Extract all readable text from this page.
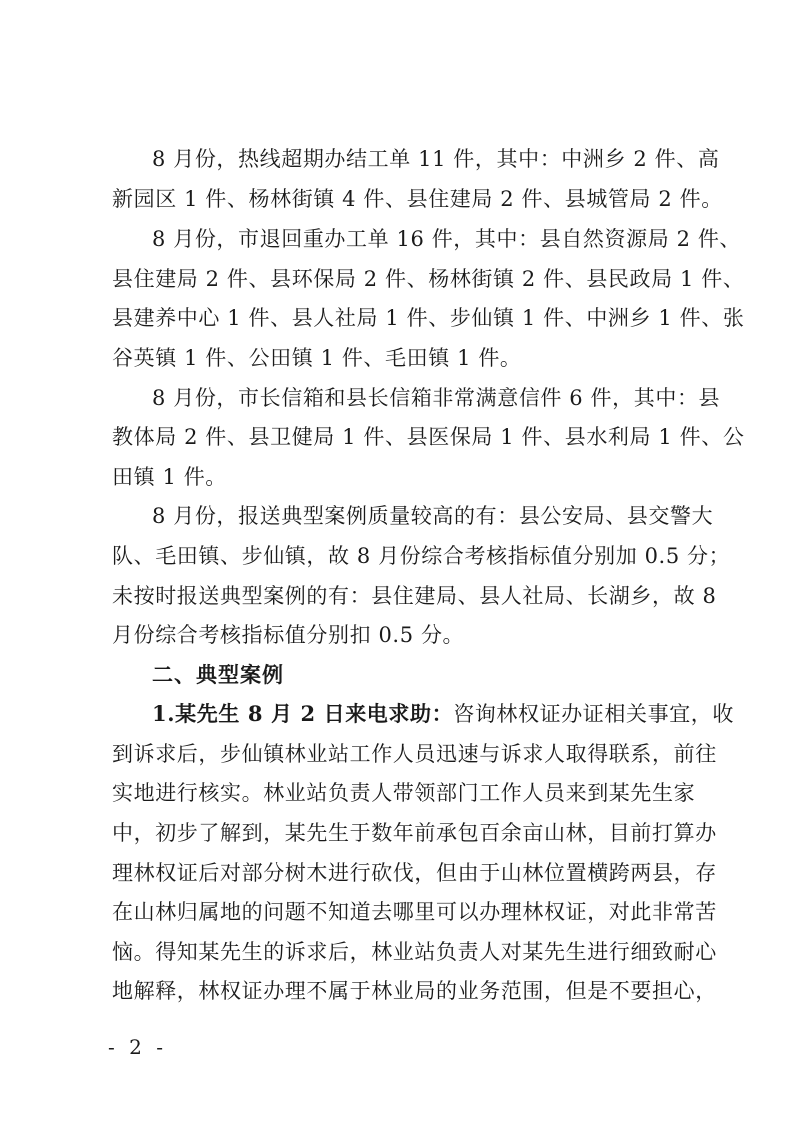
8 月份，热线超期办结工单 11 件，其中：中洲乡 2 件、高
新园区 1 件、杨林街镇 4 件、县住建局 2 件、县城管局 2 件。
8 月份，市退回重办工单 16 件，其中：县自然资源局 2 件、
县住建局 2 件、县环保局 2 件、杨林街镇 2 件、县民政局 1 件、
县建养中心 1 件、县人社局 1 件、步仙镇 1 件、中洲乡 1 件、张
谷英镇 1 件、公田镇 1 件、毛田镇 1 件。
8 月份，市长信箱和县长信箱非常满意信件 6 件，其中：县
教体局 2 件、县卫健局 1 件、县医保局 1 件、县水利局 1 件、公
田镇 1 件。
8 月份，报送典型案例质量较高的有：县公安局、县交警大
队、毛田镇、步仙镇，故 8 月份综合考核指标值分别加 0.5 分；
未按时报送典型案例的有：县住建局、县人社局、长湖乡，故 8
月份综合考核指标值分别扣 0.5 分。
二、典型案例
1.某先生 8 月 2 日来电求助：咨询林权证办证相关事宜，收
到诉求后，步仙镇林业站工作人员迅速与诉求人取得联系，前往
实地进行核实。林业站负责人带领部门工作人员来到某先生家
中，初步了解到，某先生于数年前承包百余亩山林，目前打算办
理林权证后对部分树木进行砍伐，但由于山林位置横跨两县，存
在山林归属地的问题不知道去哪里可以办理林权证，对此非常苦
恼。得知某先生的诉求后，林业站负责人对某先生进行细致耐心
地解释，林权证办理不属于林业局的业务范围，但是不要担心，
- 2 -
